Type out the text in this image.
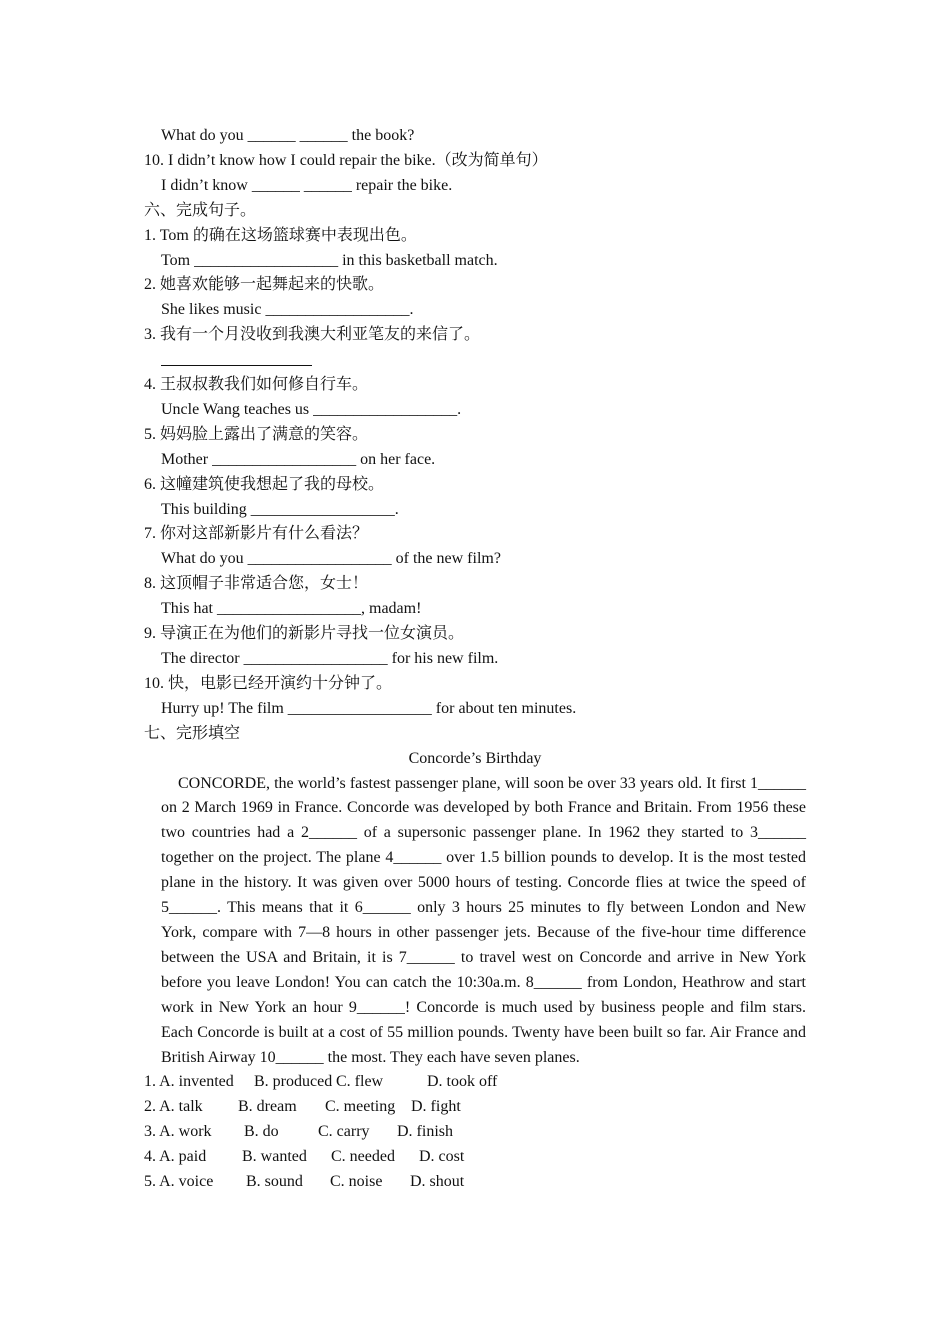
What do you ______ ______ the book?
10. I didn’t know how I could repair the bike.（改为简单句）
I didn’t know ______ ______ repair the bike.
六、完成句子。
1. Tom 的确在这场篮球赛中表现出色。
Tom __________________ in this basketball match.
2. 她喜欢能够一起舞起来的快歌。
She likes music __________________.
3. 我有一个月没收到我澳大利亚笔友的来信了。
4. 王叔叔教我们如何修自行车。
Uncle Wang teaches us __________________.
5. 妈妈脸上露出了满意的笑容。
Mother __________________ on her face.
6. 这幢建筑使我想起了我的母校。
This building __________________.
7. 你对这部新影片有什么看法？
What do you __________________ of the new film?
8. 这顶帽子非常适合您，女士！
This hat __________________, madam!
9. 导演正在为他们的新影片寻找一位女演员。
The director __________________ for his new film.
10. 快，电影已经开演约十分钟了。
Hurry up! The film __________________ for about ten minutes.
七、完形填空
Concorde’s Birthday
CONCORDE, the world’s fastest passenger plane, will soon be over 33 years old. It first 1______ on 2 March 1969 in France. Concorde was developed by both France and Britain. From 1956 these two countries had a 2______ of a supersonic passenger plane. In 1962 they started to 3______ together on the project. The plane 4______ over 1.5 billion pounds to develop. It is the most tested plane in the history. It was given over 5000 hours of testing. Concorde flies at twice the speed of 5______. This means that it 6______ only 3 hours 25 minutes to fly between London and New York, compare with 7—8 hours in other passenger jets. Because of the five-hour time difference between the USA and Britain, it is 7______ to travel west on Concorde and arrive in New York before you leave London! You can catch the 10:30a.m. 8______ from London, Heathrow and start work in New York an hour 9______! Concorde is much used by business people and film stars. Each Concorde is built at a cost of 55 million pounds. Twenty have been built so far. Air France and British Airway 10______ the most. They each have seven planes.
1. A. invented B. produced C. flew	D. took off
2. A. talk B. dream C. meeting D. fight
3. A. work B. do C. carry D. finish
4. A. paid B. wanted C. needed D. cost
5. A. voice B. sound C. noise D. shout
